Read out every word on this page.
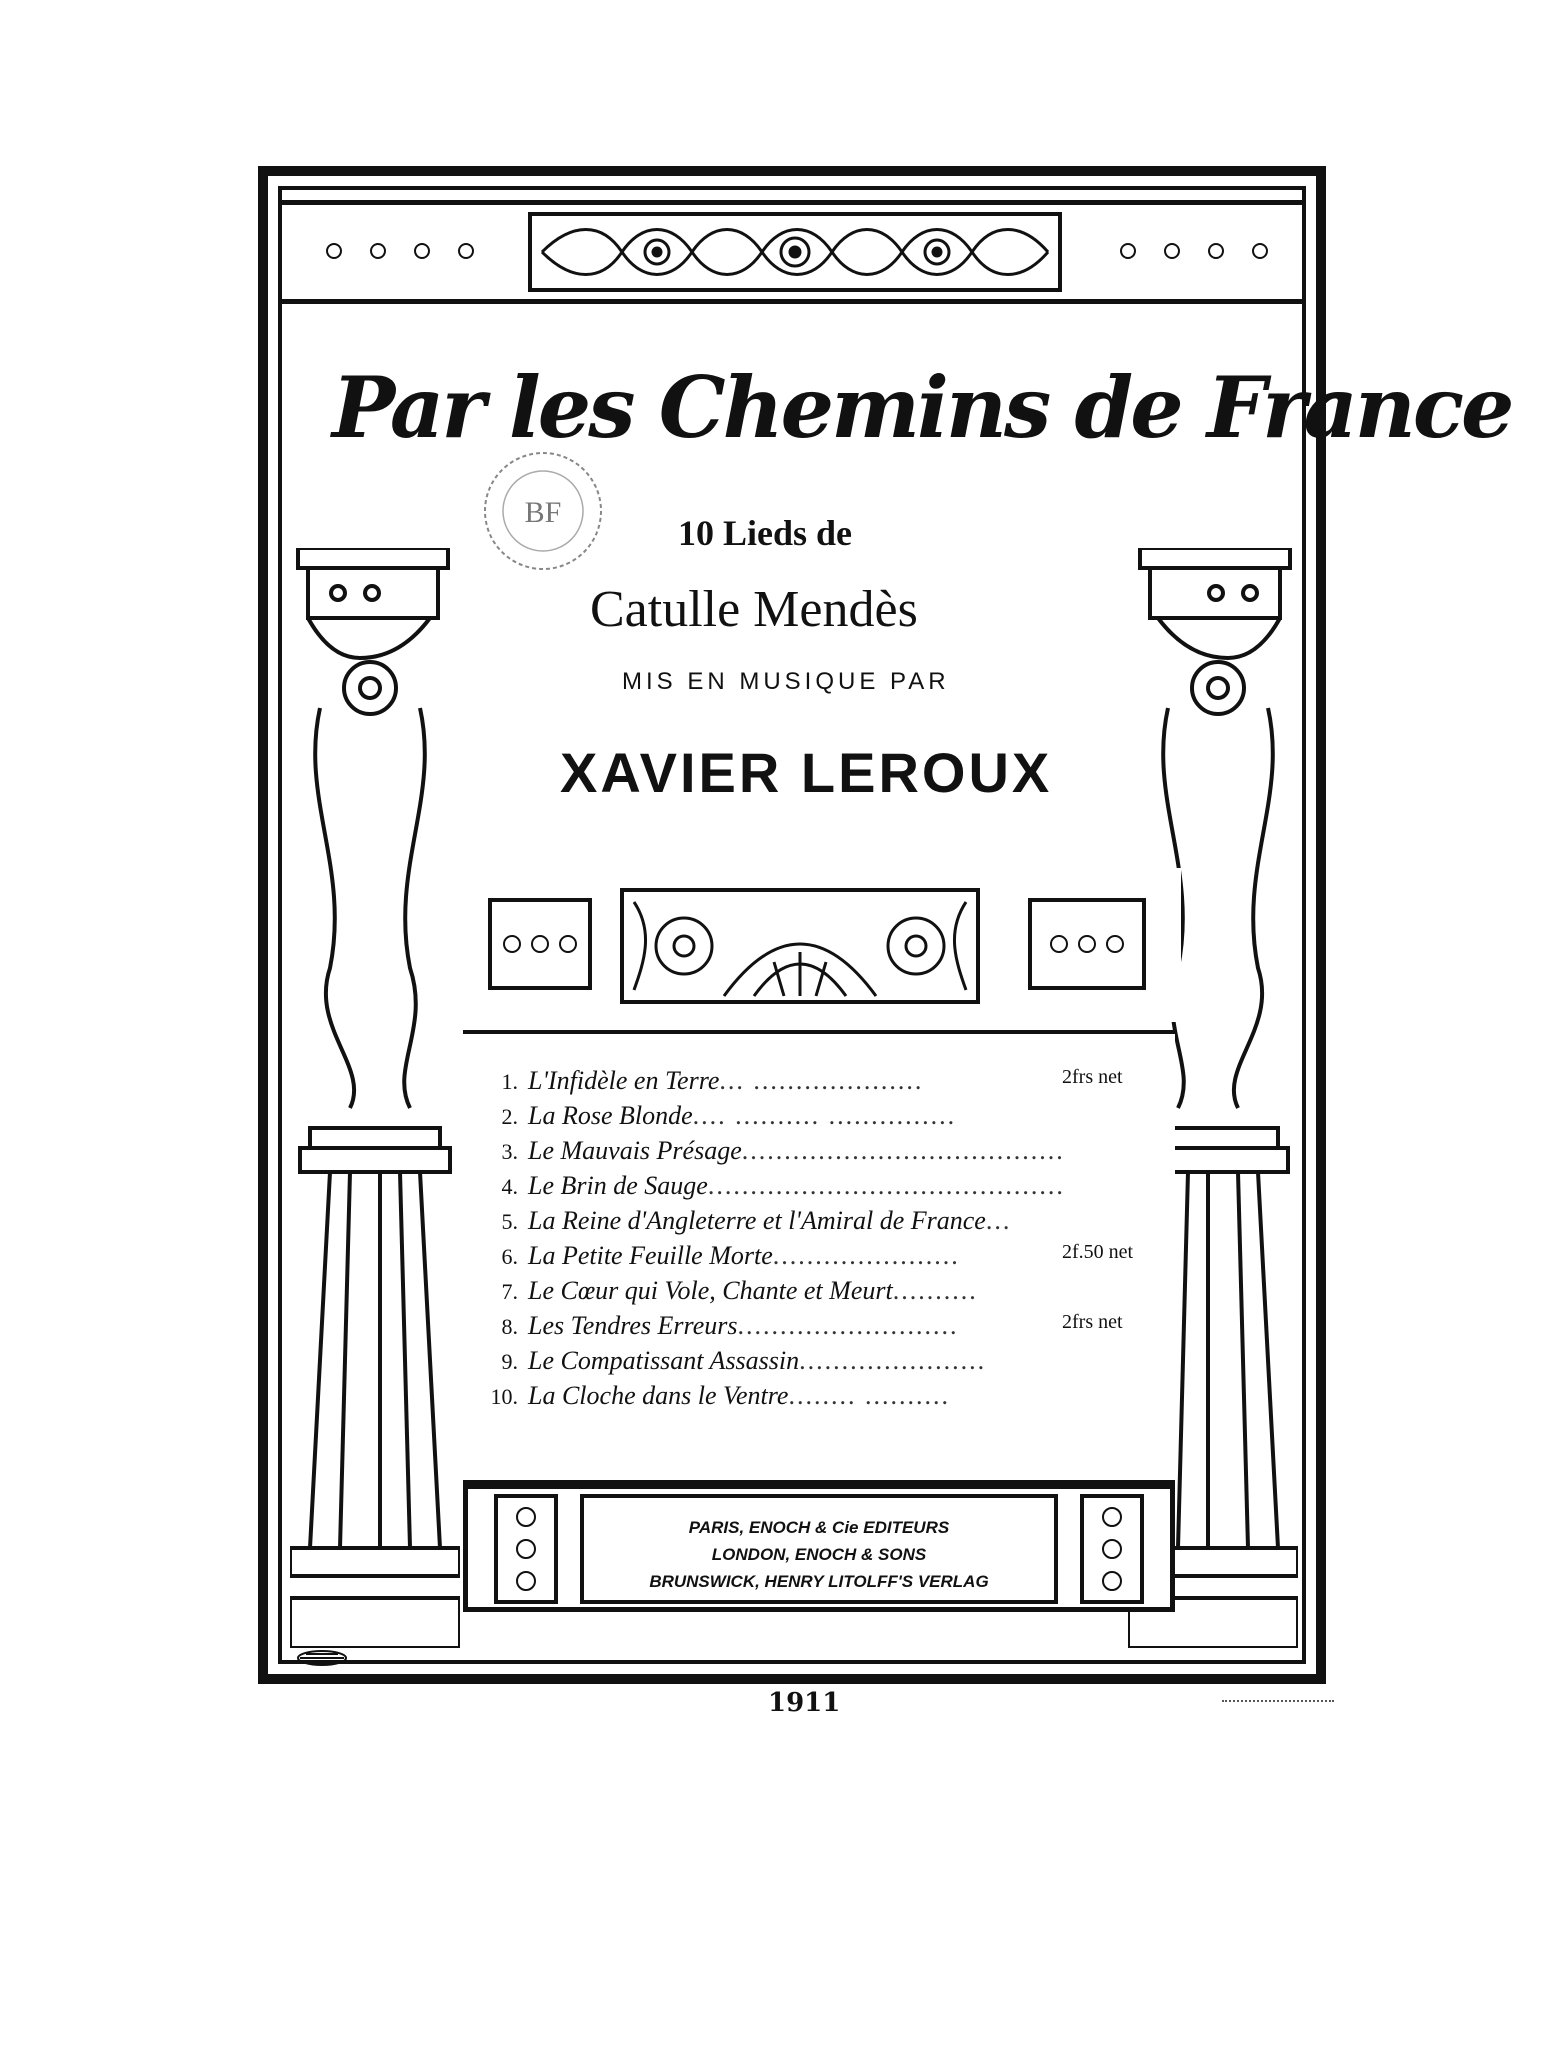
Par les Chemins de France
BF
10 Lieds de
Catulle Mendès
MIS EN MUSIQUE PAR
XAVIER LEROUX
1. L'Infidèle en Terre ... ....................	2frs net
2. La Rose Blonde .... .......... ...............
3. Le Mauvais Présage ......................................
4. Le Brin de Sauge ..........................................
5. La Reine d'Angleterre et l'Amiral de France ...
6. La Petite Feuille Morte ......................	2f.50 net
7. Le Cœur qui Vole, Chante et Meurt ..........
8. Les Tendres Erreurs ..........................	2frs net
9. Le Compatissant Assassin ......................
10. La Cloche dans le Ventre ........ ..........
PARIS, ENOCH & Cie EDITEURS
LONDON, ENOCH & SONS
BRUNSWICK, HENRY LITOLFF'S VERLAG
1911
